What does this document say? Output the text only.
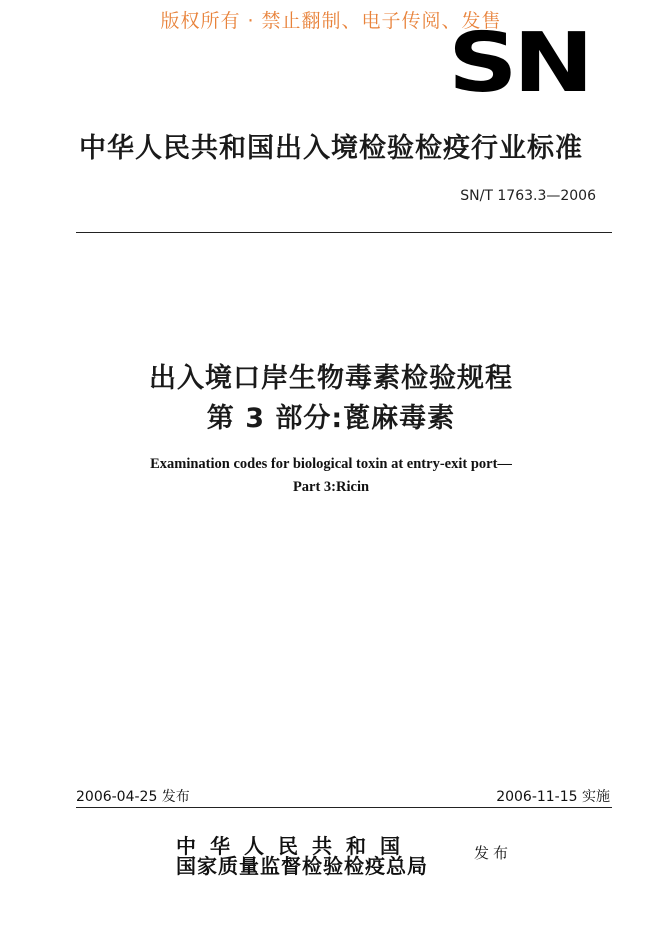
版权所有 · 禁止翻制、电子传阅、发售
SN
中华人民共和国出入境检验检疫行业标准
SN/T 1763.3—2006
出入境口岸生物毒素检验规程
第 3 部分:蓖麻毒素
Examination codes for biological toxin at entry-exit port—
Part 3:Ricin
2006-04-25 发布	2006-11-15 实施
中华人民共和国
国家质量监督检验检疫总局
发布
